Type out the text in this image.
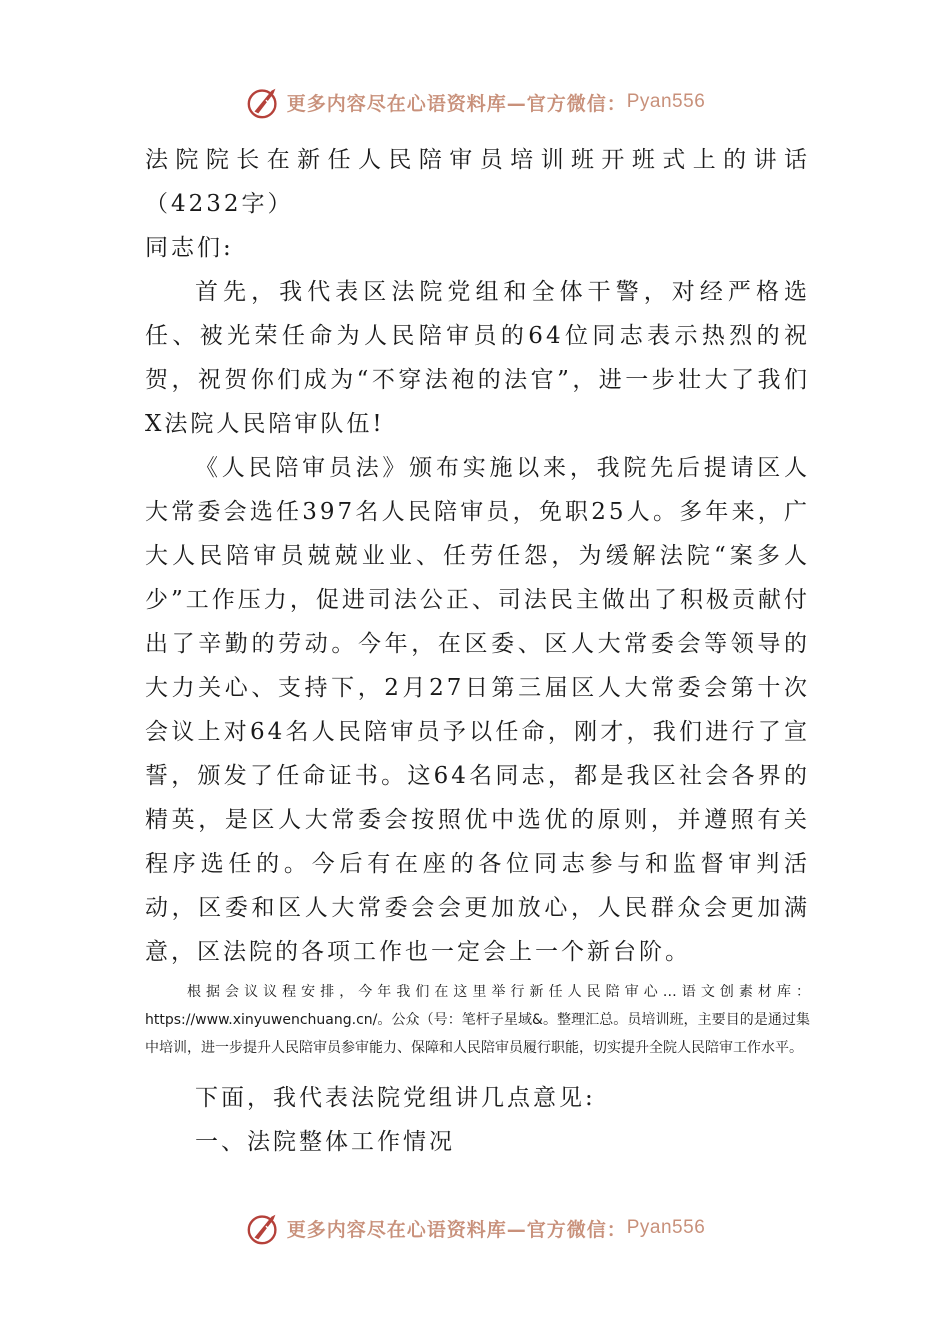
更多内容尽在心语资料库—官方微信： Pyan556

法院院长在新任人民陪审员培训班开班式上的讲话（4232字）

同志们:

首先，我代表区法院党组和全体干警，对经严格选任、被光荣任命为人民陪审员的64位同志表示热烈的祝贺，祝贺你们成为“不穿法袍的法官”，进一步壮大了我们X法院人民陪审队伍!

《人民陪审员法》颁布实施以来，我院先后提请区人大常委会选任397名人民陪审员，免职25人。多年来，广大人民陪审员兢兢业业、任劳任怨，为缓解法院“案多人少”工作压力，促进司法公正、司法民主做出了积极贡献付出了辛勤的劳动。今年，在区委、区人大常委会等领导的大力关心、支持下，2月27日第三届区人大常委会第十次会议上对64名人民陪审员予以任命，刚才，我们进行了宣誓，颁发了任命证书。这64名同志，都是我区社会各界的精英，是区人大常委会按照优中选优的原则，并遵照有关程序选任的。今后有在座的各位同志参与和监督审判活动，区委和区人大常委会会更加放心，人民群众会更加满意，区法院的各项工作也一定会上一个新台阶。

根据会议议程安排，今年我们在这里举行新任人民陪审心…语文创素材库：https://www.xinyuwenchuang.cn/。公众（号：笔杆子星域&。整理汇总。员培训班，主要目的是通过集中培训，进一步提升人民陪审员参审能力、保障和人民陪审员履行职能，切实提升全院人民陪审工作水平。

下面，我代表法院党组讲几点意见:

一、法院整体工作情况

更多内容尽在心语资料库—官方微信： Pyan556
